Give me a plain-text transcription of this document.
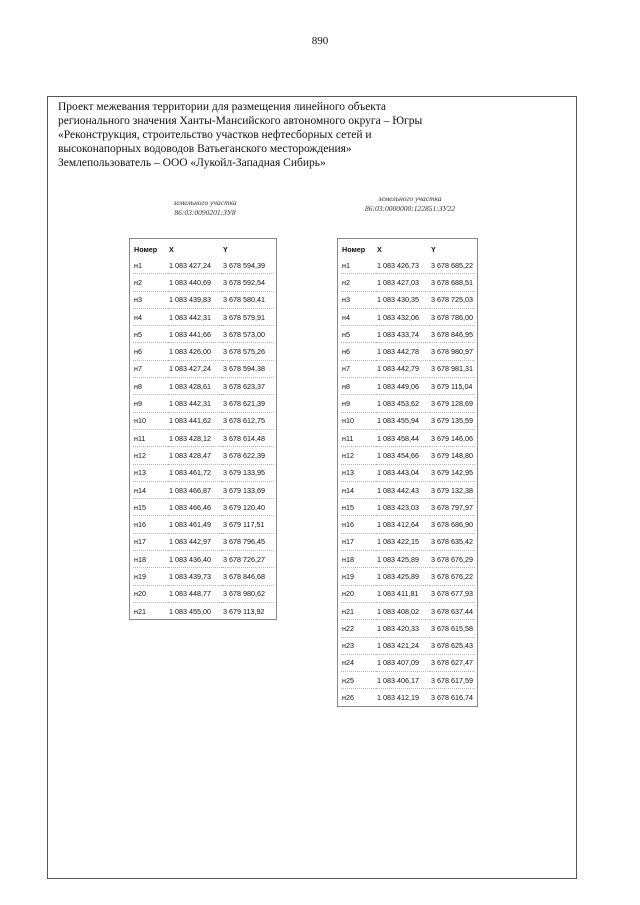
890
Проект межевания территории для размещения линейного объекта
регионального значения Ханты-Мансийского автономного округа – Югры
«Реконструкция, строительство участков нефтесборных сетей и
высоконапорных водоводов Ватьеганского месторождения»
Землепользователь – ООО «Лукойл-Западная Сибирь»
земельного участка
86:03:0090201:ЗУ8
земельного участка
86:03:0000000:122851:ЗУ22
Номер	X	Y
н1	1 083 427,24	3 678 594,39
н2	1 083 440,69	3 678 592,54
н3	1 083 439,83	3 678 580,41
н4	1 083 442,31	3 678 579,91
н5	1 083 441,66	3 678 573,00
н6	1 083 426,00	3 678 575,26
н7	1 083 427,24	3 678 594,38
н8	1 083 428,61	3 678 623,37
н9	1 083 442,31	3 678 621,39
н10	1 083 441,62	3 678 612,75
н11	1 083 428,12	3 678 614,48
н12	1 083 428,47	3 678 622,39
н13	1 083 461,72	3 679 133,95
н14	1 083 466,87	3 679 133,69
н15	1 083 466,46	3 679 120,40
н16	1 083 461,49	3 679 117,51
н17	1 083 442,97	3 678 796,45
н18	1 083 436,40	3 678 726,27
н19	1 083 439,73	3 678 846,68
н20	1 083 448,77	3 678 980,62
н21	1 083 455,00	3 679 113,92
Номер	X	Y
н1	1 083 426,73	3 678 685,22
н2	1 083 427,03	3 678 688,51
н3	1 083 430,35	3 678 725,03
н4	1 083 432,06	3 678 786,00
н5	1 083 433,74	3 678 846,95
н6	1 083 442,78	3 678 980,97
н7	1 083 442,79	3 678 981,31
н8	1 083 449,06	3 679 115,04
н9	1 083 453,62	3 679 128,69
н10	1 083 455,94	3 679 135,59
н11	1 083 458,44	3 679 146,06
н12	1 083 454,66	3 679 148,80
н13	1 083 443,04	3 679 142,95
н14	1 083 442,43	3 679 132,38
н15	1 083 423,03	3 678 797,97
н16	1 083 412,64	3 678 686,90
н17	1 083 422,15	3 678 635,42
н18	1 083 425,89	3 678 676,29
н19	1 083 425,89	3 678 676,22
н20	1 083 411,81	3 678 677,93
н21	1 083 408,02	3 678 637,44
н22	1 083 420,33	3 678 615,58
н23	1 083 421,24	3 678 625,43
н24	1 083 407,09	3 678 627,47
н25	1 083 406,17	3 678 617,59
н26	1 083 412,19	3 678 616,74
